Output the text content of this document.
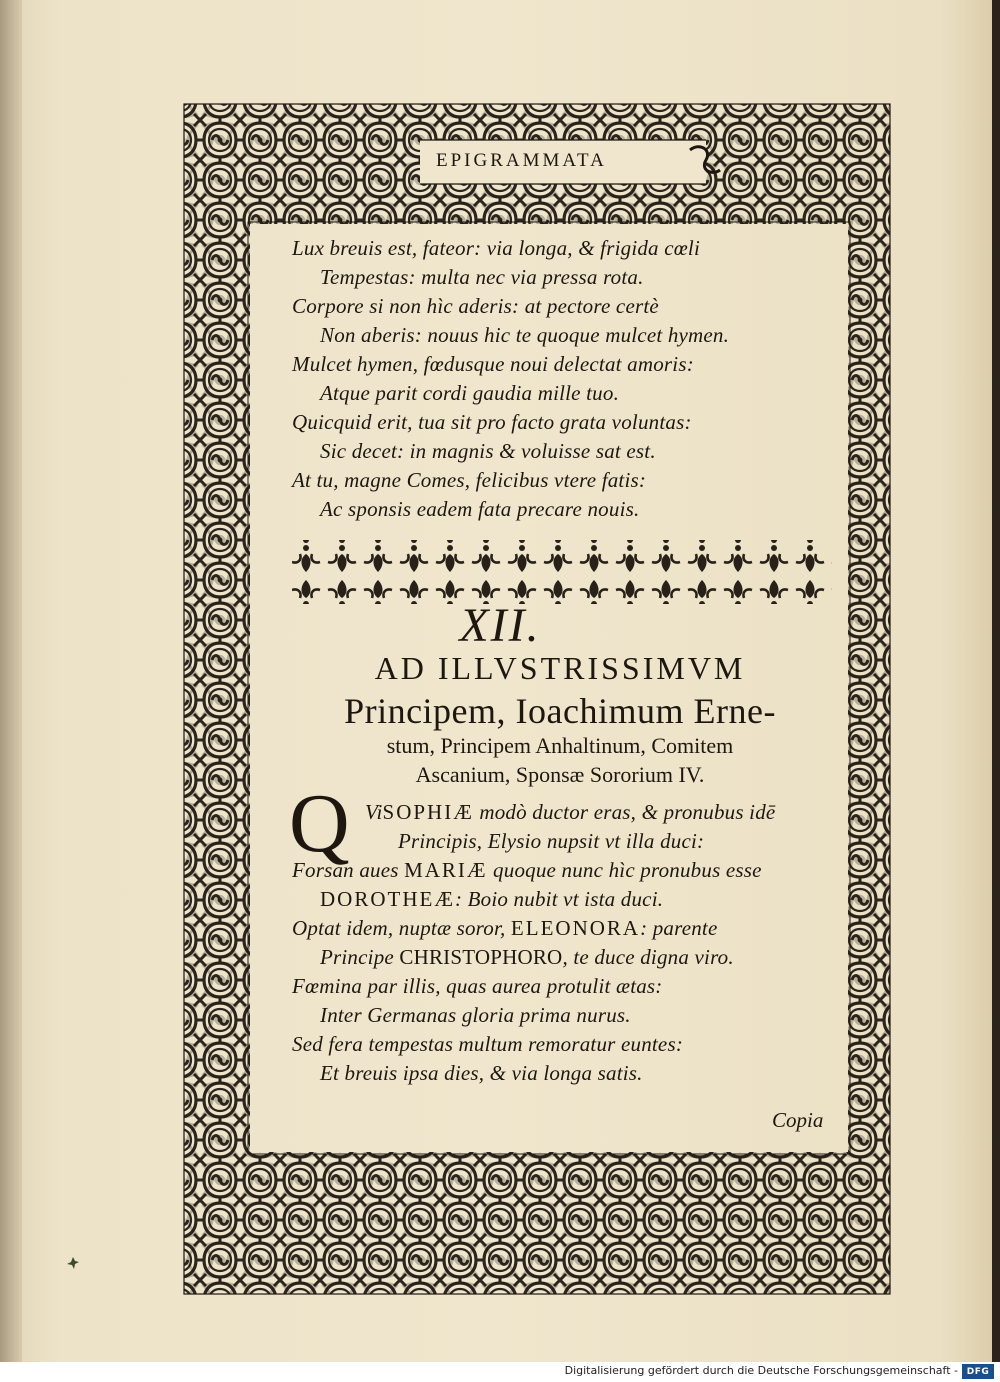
EPIGRAMMATA
Lux breuis est, fateor: via longa, & frigida cœli
Tempestas: multa nec via pressa rota.
Corpore si non hìc aderis: at pectore certè
Non aberis: nouus hic te quoque mulcet hymen.
Mulcet hymen, fœdusque noui delectat amoris:
Atque parit cordi gaudia mille tuo.
Quicquid erit, tua sit pro facto grata voluntas:
Sic decet: in magnis & voluisse sat est.
At tu, magne Comes, felicibus vtere fatis:
Ac sponsis eadem fata precare nouis.
XII.
AD ILLVSTRISSIMVM
Principem, Ioachimum Erne-
stum, Principem Anhaltinum, Comitem
Ascanium, Sponsæ Sororium IV.
Q ViSOPHIÆ modò ductor eras, & pronubus idē
Principis, Elysio nupsit vt illa duci:
Forsan aues MARIÆ quoque nunc hìc pronubus esse
DOROTHEÆ: Boio nubit vt ista duci.
Optat idem, nuptæ soror, ELEONORA: parente
Principe CHRISTOPHORO, te duce digna viro.
Fœmina par illis, quas aurea protulit ætas:
Inter Germanas gloria prima nurus.
Sed fera tempestas multum remoratur euntes:
Et breuis ipsa dies, & via longa satis.
Copia
Digitalisierung gefördert durch die Deutsche Forschungsgemeinschaft - DFG
